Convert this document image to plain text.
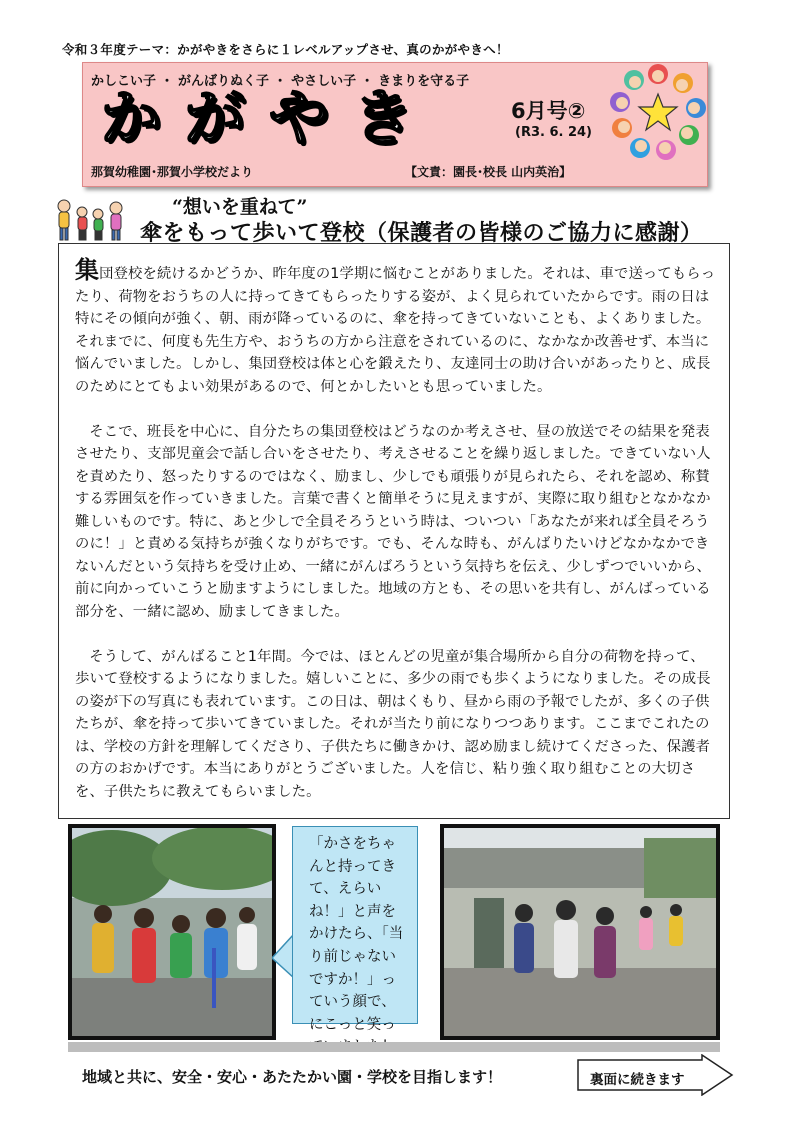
令和３年度テーマ：かがやきをさらに１レベルアップさせ、真のかがやきへ！
かしこい子 ・ がんばりぬく子 ・ やさしい子 ・ きまりを守る子
かがやき	6月号②
(R3. 6. 24)
那賀幼稚園･那賀小学校だより	【文責：園長･校長 山内英治】
“想いを重ねて”
傘をもって歩いて登校（保護者の皆様のご協力に感謝）

集団登校を続けるかどうか、昨年度の1学期に悩むことがありました。それは、車で送ってもらったり、荷物をおうちの人に持ってきてもらったりする姿が、よく見られていたからです。雨の日は特にその傾向が強く、朝、雨が降っているのに、傘を持ってきていないことも、よくありました。それまでに、何度も先生方や、おうちの方から注意をされているのに、なかなか改善せず、本当に悩んでいました。しかし、集団登校は体と心を鍛えたり、友達同士の助け合いがあったりと、成長のためにとてもよい効果があるので、何とかしたいとも思っていました。

そこで、班長を中心に、自分たちの集団登校はどうなのか考えさせ、昼の放送でその結果を発表させたり、支部児童会で話し合いをさせたり、考えさせることを繰り返しました。できていない人を責めたり、怒ったりするのではなく、励まし、少しでも頑張りが見られたら、それを認め、称賛する雰囲気を作っていきました。言葉で書くと簡単そうに見えますが、実際に取り組むとなかなか難しいものです。特に、あと少しで全員そろうという時は、ついつい「あなたが来れば全員そろうのに！」と責める気持ちが強くなりがちです。でも、そんな時も、がんばりたいけどなかなかできないんだという気持ちを受け止め、一緒にがんばろうという気持ちを伝え、少しずつでいいから、前に向かっていこうと励ますようにしました。地域の方とも、その思いを共有し、がんばっている部分を、一緒に認め、励ましてきました。

そうして、がんばること1年間。今では、ほとんどの児童が集合場所から自分の荷物を持って、歩いて登校するようになりました。嬉しいことに、多少の雨でも歩くようになりました。その成長の姿が下の写真にも表れています。この日は、朝はくもり、昼から雨の予報でしたが、多くの子供たちが、傘を持って歩いてきていました。それが当たり前になりつつあります。ここまでこれたのは、学校の方針を理解してくださり、子供たちに働きかけ、認め励まし続けてくださった、保護者の方のおかげです。本当にありがとうございました。人を信じ、粘り強く取り組むことの大切さを、子供たちに教えてもらいました。

「かさをちゃんと持ってきて、えらいね！」と声をかけたら、「当り前じゃないですか！」っていう顔で、にこっと笑っ
地域と共に、安全・安心・あたたかい園・学校を目指します！	裏面に続きます
